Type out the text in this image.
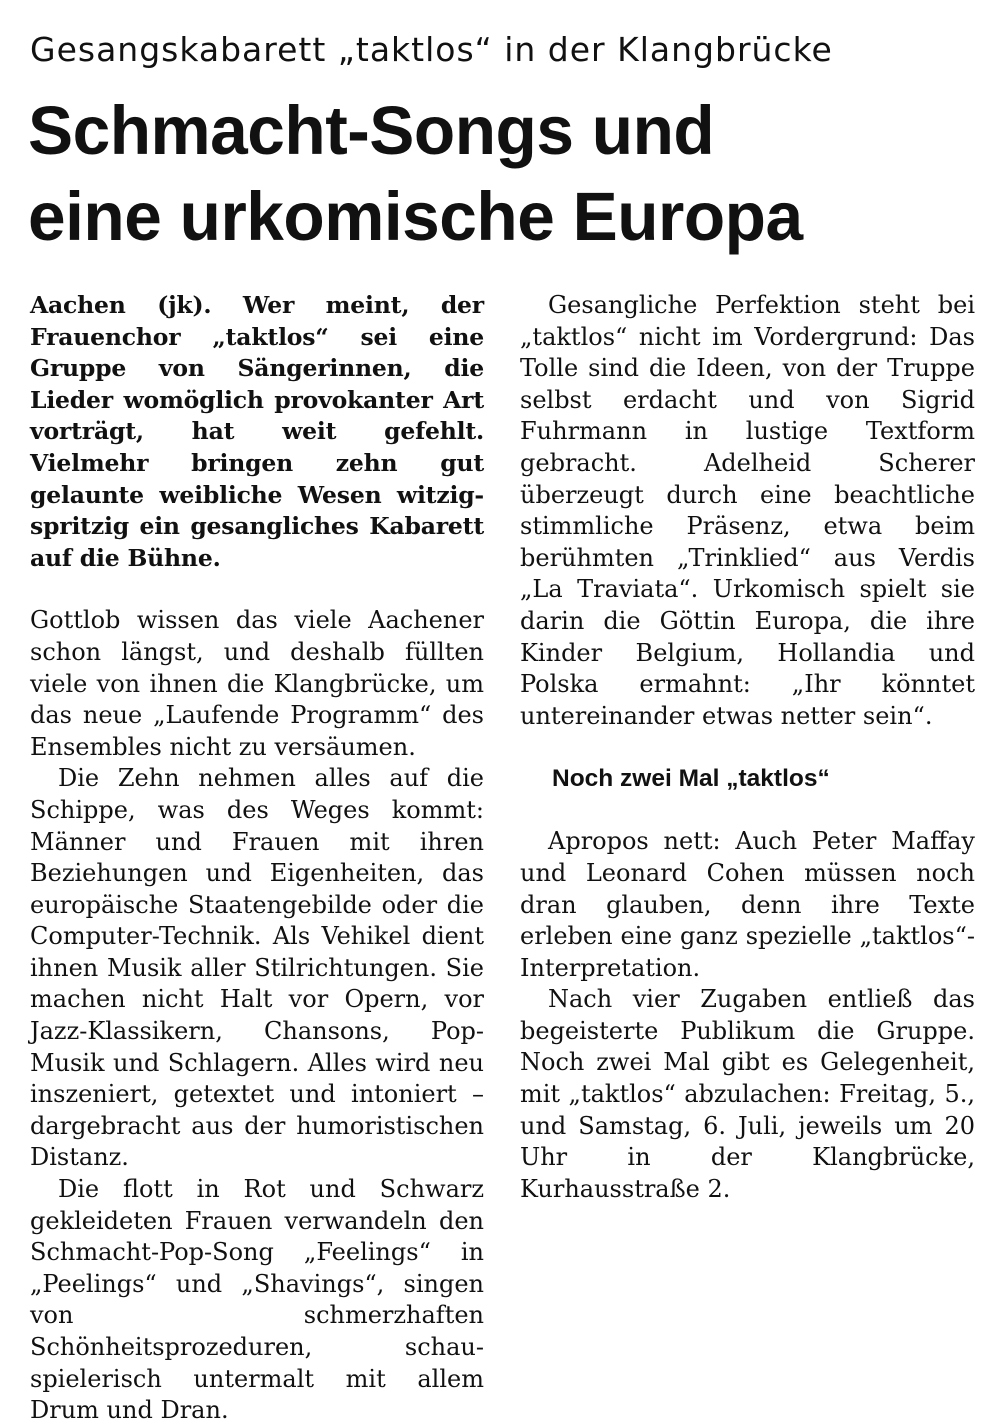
Gesangskabarett „taktlos“ in der Klangbrücke
Schmacht-Songs und
eine urkomische Europa

Aachen (jk). Wer meint, der Frauenchor „taktlos“ sei eine Gruppe von Sängerinnen, die Lieder womöglich provokanter Art vorträgt, hat weit gefehlt. Vielmehr bringen zehn gut gelaunte weibliche Wesen witzig-spritzig ein gesangliches Kabarett auf die Bühne.

Gottlob wissen das viele Aachener schon längst, und deshalb füllten viele von ihnen die Klangbrücke, um das neue „Laufende Programm“ des Ensembles nicht zu versäumen.

Die Zehn nehmen alles auf die Schippe, was des Weges kommt: Männer und Frauen mit ihren Beziehungen und Eigenheiten, das europäische Staatengebilde oder die Computer-Technik. Als Vehikel dient ihnen Musik aller Stilrichtungen. Sie machen nicht Halt vor Opern, vor Jazz-Klassikern, Chansons, Pop-Musik und Schlagern. Alles wird neu inszeniert, getextet und intoniert – dargebracht aus der humoristischen Distanz.

Die flott in Rot und Schwarz gekleideten Frauen verwandeln den Schmacht-Pop-Song „Feelings“ in „Peelings“ und „Shavings“, singen von schmerzhaften Schönheitsprozeduren, schauspielerisch untermalt mit allem Drum und Dran.

Gesangliche Perfektion steht bei „taktlos“ nicht im Vordergrund: Das Tolle sind die Ideen, von der Truppe selbst erdacht und von Sigrid Fuhrmann in lustige Textform gebracht. Adelheid Scherer überzeugt durch eine beachtliche stimmliche Präsenz, etwa beim berühmten „Trinklied“ aus Verdis „La Traviata“. Urkomisch spielt sie darin die Göttin Europa, die ihre Kinder Belgium, Hollandia und Polska ermahnt: „Ihr könntet untereinander etwas netter sein“.

Noch zwei Mal „taktlos“

Apropos nett: Auch Peter Maffay und Leonard Cohen müssen noch dran glauben, denn ihre Texte erleben eine ganz spezielle „taktlos“-Interpretation.

Nach vier Zugaben entließ das begeisterte Publikum die Gruppe. Noch zwei Mal gibt es Gelegenheit, mit „taktlos“ abzulachen: Freitag, 5., und Samstag, 6. Juli, jeweils um 20 Uhr in der Klangbrücke, Kurhausstraße 2.
